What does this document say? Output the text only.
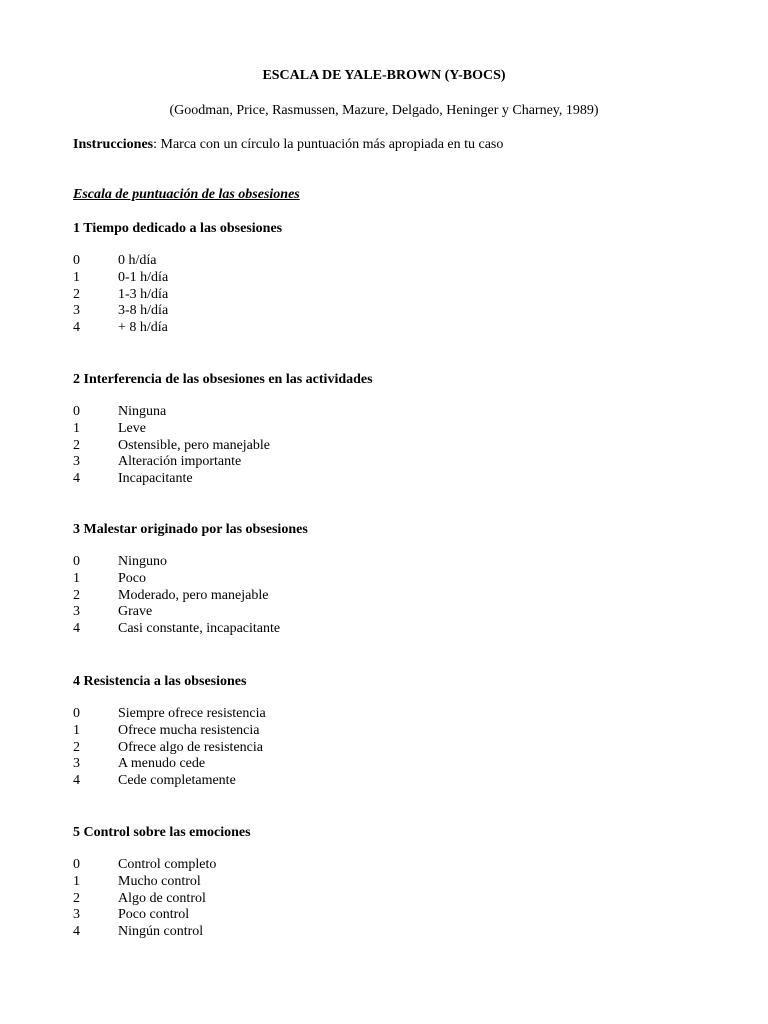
ESCALA DE YALE-BROWN (Y-BOCS)
(Goodman, Price, Rasmussen, Mazure, Delgado, Heninger y Charney, 1989)
Instrucciones: Marca con un círculo la puntuación más apropiada en tu caso
Escala de puntuación de las obsesiones
1 Tiempo dedicado a las obsesiones
0	0 h/día
1	0-1 h/día
2	1-3 h/día
3	3-8 h/día
4	+ 8 h/día
2 Interferencia de las obsesiones en las actividades
0	Ninguna
1	Leve
2	Ostensible, pero manejable
3	Alteración importante
4	Incapacitante
3 Malestar originado por las obsesiones
0	Ninguno
1	Poco
2	Moderado, pero manejable
3	Grave
4	Casi constante, incapacitante
4 Resistencia a las obsesiones
0	Siempre ofrece resistencia
1	Ofrece mucha resistencia
2	Ofrece algo de resistencia
3	A menudo cede
4	Cede completamente
5 Control sobre las emociones
0	Control completo
1	Mucho control
2	Algo de control
3	Poco control
4	Ningún control
